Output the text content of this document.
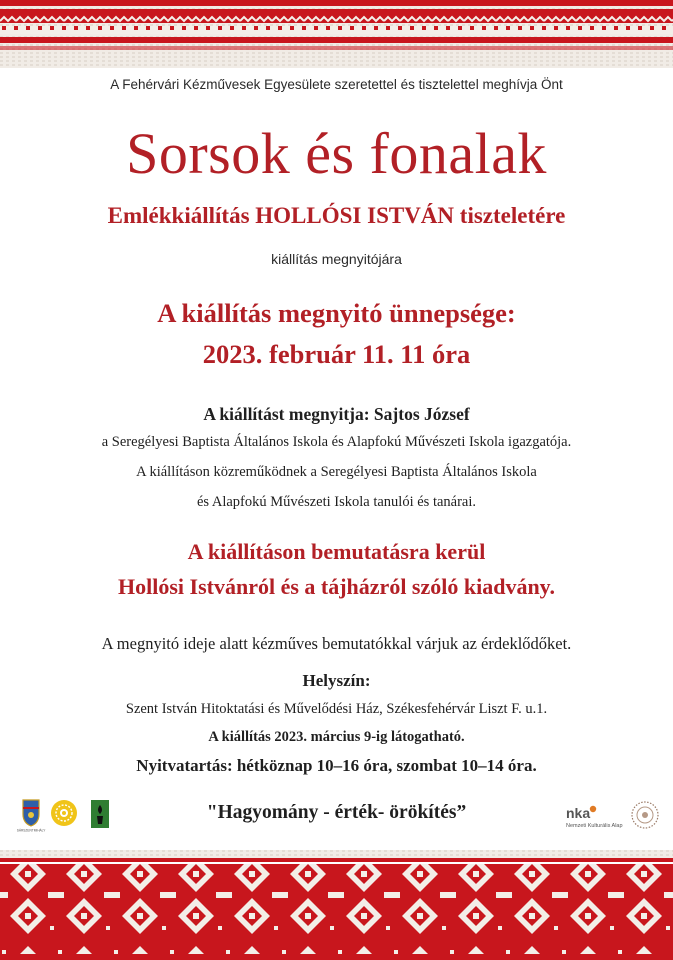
A Fehérvári Kézművesek Egyesülete szeretettel és tisztelettel meghívja Önt

Sorsok és fonalak

Emlékkiállítás HOLLÓSI ISTVÁN tiszteletére

kiállítás megnyitójára

A kiállítás megnyitó ünnepsége:

2023. február 11. 11 óra

A kiállítást megnyitja: Sajtos József

a Seregélyesi Baptista Általános Iskola és Alapfokú Művészeti Iskola igazgatója.

A kiállításon közreműködnek a Seregélyesi Baptista Általános Iskola

és Alapfokú Művészeti Iskola tanulói és tanárai.

A kiállításon bemutatásra kerül

Hollósi Istvánról és a tájházról szóló kiadvány.

A megnyitó ideje alatt kézműves bemutatókkal várjuk az érdeklődőket.

Helyszín:

Szent István Hitoktatási és Művelődési Ház, Székesfehérvár Liszt F. u.1.

A kiállítás 2023. március 9-ig látogatható.

Nyitvatartás: hétköznap 10–16 óra, szombat 10–14 óra.

"Hagyomány - érték- örökítés”

SÁRSZENTMIHÁLY
nka
Nemzeti Kulturális Alap
